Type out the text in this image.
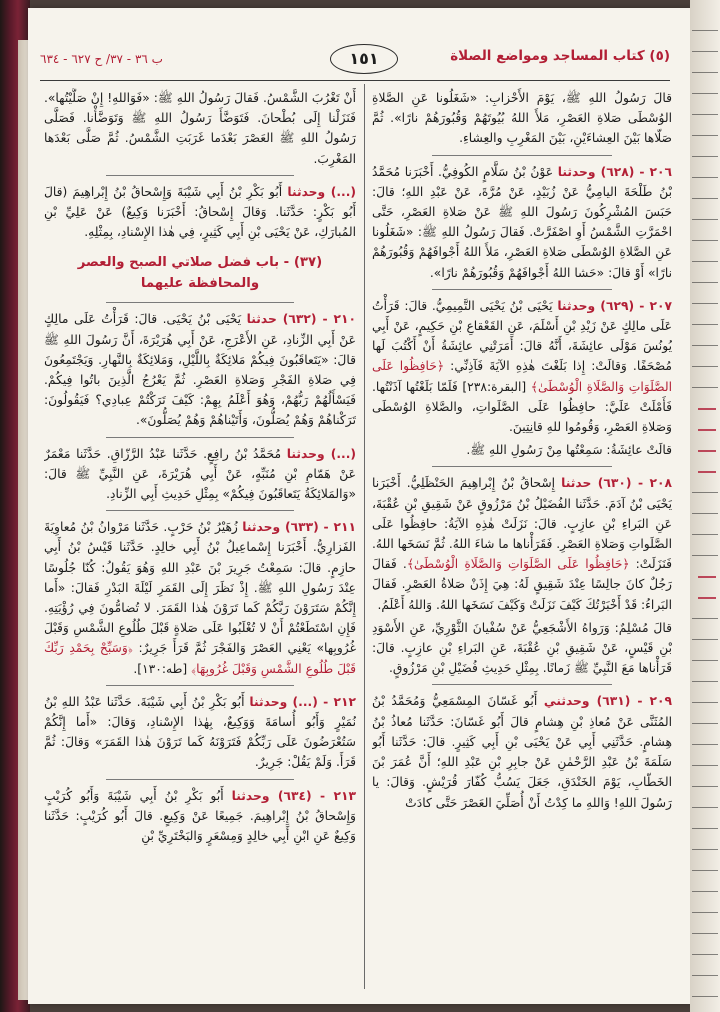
(٥) كتاب المساجد ومواضع الصلاة
١٥١
ب ٣٦ - ٣٧/ ح ٦٢٧ - ٦٣٤

قالَ رَسُولُ اللهِ ﷺ، يَوْمَ الأَحْزابِ: «شَغَلُونا عَنِ الصَّلاةِ الوُسْطَى صَلاةِ العَصْرِ، مَلأَ اللهُ بُيُوتَهُمْ وَقُبُورَهُمْ نارًا». ثُمَّ صَلّاها بَيْنَ العِشاءَيْنِ، بَيْنَ المَغْرِبِ والعِشاءِ.

٢٠٦ - (٦٢٨) وحدثنا عَوْنُ بْنُ سَلَّامٍ الكُوفِيُّ. أَخْبَرَنا مُحَمَّدُ بْنُ طَلْحَةَ اليامِيُّ عَنْ زُبَيْدٍ، عَنْ مُرَّةَ، عَنْ عَبْدِ اللهِ؛ قالَ: حَبَسَ المُشْرِكُونَ رَسُولَ اللهِ ﷺ عَنْ صَلاةِ العَصْرِ، حَتَّى احْمَرَّتِ الشَّمْسُ أَوِ اصْفَرَّتْ. فَقالَ رَسُولُ اللهِ ﷺ: «شَغَلُونا عَنِ الصَّلاةِ الوُسْطَى صَلاةِ العَصْرِ، مَلأَ اللهُ أَجْوافَهُمْ وَقُبُورَهُمْ نارًا» أَوْ قالَ: «حَشا اللهُ أَجْوافَهُمْ وَقُبُورَهُمْ نارًا».

٢٠٧ - (٦٢٩) وحدثنا يَحْيَى بْنُ يَحْيَى التَّمِيمِيُّ. قالَ: قَرَأْتُ عَلَى مالِكٍ عَنْ زَيْدِ بْنِ أَسْلَمَ، عَنِ القَعْقاعِ بْنِ حَكِيمٍ، عَنْ أَبِي يُونُسَ مَوْلَى عائِشَةَ، أَنَّهُ قالَ: أَمَرَتْنِي عائِشَةُ أَنْ أَكْتُبَ لَها مُصْحَفًا. وَقالَتْ: إِذا بَلَغْتَ هٰذِهِ الآيَةَ فَآذِنِّي: ﴿حَافِظُوا عَلَى الصَّلَوَاتِ وَالصَّلَاةِ الْوُسْطَىٰ﴾ [البقرة:٢٣٨] فَلَمّا بَلَغْتُها آذَنْتُها. فَأَمْلَتْ عَلَيَّ: حافِظُوا عَلَى الصَّلَواتِ، والصَّلاةِ الوُسْطَى وَصَلاةِ العَصْرِ، وَقُومُوا للهِ قانِتِينَ.

قالَتْ عائِشَةُ: سَمِعْتُها مِنْ رَسُولِ اللهِ ﷺ.

٢٠٨ - (٦٣٠) حدثنا إِسْحاقُ بْنُ إِبْراهِيمَ الحَنْظَلِيُّ. أَخْبَرَنا يَحْيَى بْنُ آدَمَ. حَدَّثَنا الفُضَيْلُ بْنُ مَرْزُوقٍ عَنْ شَقِيقِ بْنِ عُقْبَةَ، عَنِ البَراءِ بْنِ عازِبٍ. قالَ: نَزَلَتْ هٰذِهِ الآيَةُ: حافِظُوا عَلَى الصَّلَواتِ وَصَلاةِ العَصْرِ. فَقَرَأْناها ما شاءَ اللهُ. ثُمَّ نَسَخَها اللهُ. فَنَزَلَتْ: ﴿حَافِظُوا عَلَى الصَّلَوَاتِ وَالصَّلَاةِ الْوُسْطَىٰ﴾. فَقالَ رَجُلٌ كانَ جالِسًا عِنْدَ شَقِيقٍ لَهُ: هِيَ إِذَنْ صَلاةُ العَصْرِ. فَقالَ البَراءُ: قَدْ أَخْبَرْتُكَ كَيْفَ نَزَلَتْ وَكَيْفَ نَسَخَها اللهُ. وَاللهُ أَعْلَمُ.

قالَ مُسْلِمٌ: وَرَواهُ الأَشْجَعِيُّ عَنْ سُفْيانَ الثَّوْرِيِّ، عَنِ الأَسْوَدِ بْنِ قَيْسٍ، عَنْ شَقِيقِ بْنِ عُقْبَةَ، عَنِ البَراءِ بْنِ عازِبٍ. قالَ: قَرَأْناها مَعَ النَّبِيِّ ﷺ زَمانًا. بِمِثْلِ حَدِيثِ فُضَيْلِ بْنِ مَرْزُوقٍ.

٢٠٩ - (٦٣١) وحدثني أَبُو غَسّانَ المِسْمَعِيُّ وَمُحَمَّدُ بْنُ المُثَنَّى عَنْ مُعاذِ بْنِ هِشامٍ قالَ أَبُو غَسّانَ: حَدَّثَنا مُعاذُ بْنُ هِشامٍ. حَدَّثَنِي أَبِي عَنْ يَحْيَى بْنِ أَبِي كَثِيرٍ. قالَ: حَدَّثَنا أَبُو سَلَمَةَ بْنُ عَبْدِ الرَّحْمٰنِ عَنْ جابِرِ بْنِ عَبْدِ اللهِ؛ أَنَّ عُمَرَ بْنَ الخَطّابِ، يَوْمَ الخَنْدَقِ، جَعَلَ يَسُبُّ كُفّارَ قُرَيْشٍ. وَقالَ: يا رَسُولَ اللهِ! وَاللهِ ما كِدْتُ أَنْ أُصَلِّيَ العَصْرَ حَتَّى كادَتْ

أَنْ تَغْرُبَ الشَّمْسُ. فَقالَ رَسُولُ اللهِ ﷺ: «فَوَاللهِ! إِنْ صَلَّيْتُها». فَنَزَلْنا إِلَى بُطْحانَ. فَتَوَضَّأَ رَسُولُ اللهِ ﷺ وَتَوَضَّأْنا. فَصَلَّى رَسُولُ اللهِ ﷺ العَصْرَ بَعْدَما غَرَبَتِ الشَّمْسُ. ثُمَّ صَلَّى بَعْدَها المَغْرِبَ.

(...) وحدثنا أَبُو بَكْرِ بْنُ أَبِي شَيْبَةَ وَإِسْحاقُ بْنُ إِبْراهِيمَ (قالَ أَبُو بَكْرٍ: حَدَّثَنا. وَقالَ إِسْحاقُ: أَخْبَرَنا وَكِيعٌ) عَنْ عَلِيِّ بْنِ المُبارَكِ، عَنْ يَحْيَى بْنِ أَبِي كَثِيرٍ، فِي هٰذا الإِسْنادِ، بِمِثْلِهِ.

(٣٧) - باب فضل صلاتي الصبح والعصر والمحافظة عليهما

٢١٠ - (٦٣٢) حدثنا يَحْيَى بْنُ يَحْيَى. قالَ: قَرَأْتُ عَلَى مالِكٍ عَنْ أَبِي الزِّنادِ، عَنِ الأَعْرَجِ، عَنْ أَبِي هُرَيْرَةَ، أَنَّ رَسُولَ اللهِ ﷺ قالَ: «يَتَعاقَبُونَ فِيكُمْ مَلائِكَةٌ بِاللَّيْلِ، وَمَلائِكَةٌ بِالنَّهارِ. وَيَجْتَمِعُونَ فِي صَلاةِ الفَجْرِ وَصَلاةِ العَصْرِ. ثُمَّ يَعْرُجُ الَّذِينَ باتُوا فِيكُمْ. فَيَسْأَلُهُمْ رَبُّهُمْ، وَهُوَ أَعْلَمُ بِهِمْ: كَيْفَ تَرَكْتُمْ عِبادِي؟ فَيَقُولُونَ: تَرَكْناهُمْ وَهُمْ يُصَلُّونَ، وَأَتَيْناهُمْ وَهُمْ يُصَلُّونَ».

(...) وحدثنا مُحَمَّدُ بْنُ رافِعٍ. حَدَّثَنا عَبْدُ الرَّزّاقِ. حَدَّثَنا مَعْمَرٌ عَنْ هَمّامِ بْنِ مُنَبِّهٍ، عَنْ أَبِي هُرَيْرَةَ، عَنِ النَّبِيِّ ﷺ قالَ: «وَالمَلائِكَةُ يَتَعاقَبُونَ فِيكُمْ» بِمِثْلِ حَدِيثِ أَبِي الزِّنادِ.

٢١١ - (٦٣٣) وحدثنا زُهَيْرُ بْنُ حَرْبٍ. حَدَّثَنا مَرْوانُ بْنُ مُعاوِيَةَ الفَزارِيُّ. أَخْبَرَنا إِسْماعِيلُ بْنُ أَبِي خالِدٍ. حَدَّثَنا قَيْسُ بْنُ أَبِي حازِمٍ. قالَ: سَمِعْتُ جَرِيرَ بْنَ عَبْدِ اللهِ وَهُوَ يَقُولُ: كُنّا جُلُوسًا عِنْدَ رَسُولِ اللهِ ﷺ. إِذْ نَظَرَ إِلَى القَمَرِ لَيْلَةَ البَدْرِ فَقالَ: «أَما إِنَّكُمْ سَتَرَوْنَ رَبَّكُمْ كَما تَرَوْنَ هٰذا القَمَرَ. لا تُضامُّونَ فِي رُؤْيَتِهِ. فَإِنِ اسْتَطَعْتُمْ أَنْ لا تُغْلَبُوا عَلَى صَلاةٍ قَبْلَ طُلُوعِ الشَّمْسِ وَقَبْلَ غُرُوبِها» يَعْنِي العَصْرَ وَالفَجْرَ ثُمَّ قَرَأَ جَرِيرٌ: ﴿وَسَبِّحْ بِحَمْدِ رَبِّكَ قَبْلَ طُلُوعِ الشَّمْسِ وَقَبْلَ غُرُوبِهَا﴾ [طه:١٣٠].

٢١٢ - (...) وحدثنا أَبُو بَكْرِ بْنُ أَبِي شَيْبَةَ. حَدَّثَنا عَبْدُ اللهِ بْنُ نُمَيْرٍ وَأَبُو أُسامَةَ وَوَكِيعٌ، بِهٰذا الإِسْنادِ، وَقالَ: «أَما إِنَّكُمْ سَتُعْرَضُونَ عَلَى رَبِّكُمْ فَتَرَوْنَهُ كَما تَرَوْنَ هٰذا القَمَرَ» وَقالَ: ثُمَّ قَرَأَ. وَلَمْ يَقُلْ: جَرِيرٌ.

٢١٣ - (٦٣٤) وحدثنا أَبُو بَكْرِ بْنُ أَبِي شَيْبَةَ وَأَبُو كُرَيْبٍ وَإِسْحاقُ بْنُ إِبْراهِيمَ. جَمِيعًا عَنْ وَكِيعٍ. قالَ أَبُو كُرَيْبٍ: حَدَّثَنا وَكِيعٌ عَنِ ابْنِ أَبِي خالِدٍ وَمِسْعَرٍ وَالبَخْتَرِيِّ بْنِ
